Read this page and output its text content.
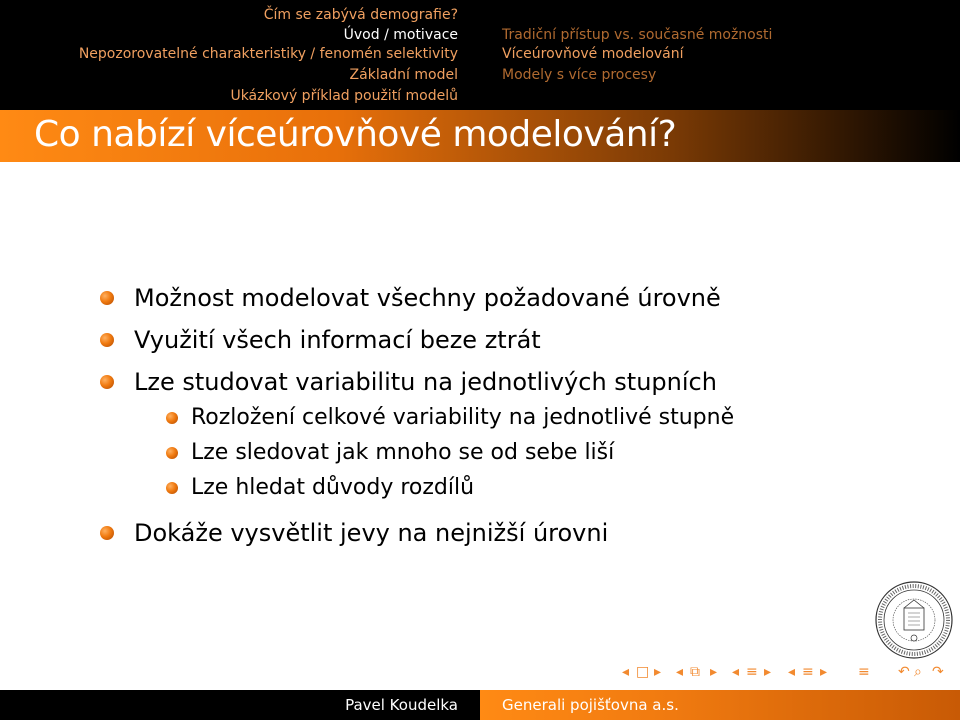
Čím se zabývá demografie?
Úvod / motivace
Nepozorovatelné charakteristiky / fenomén selektivity
Základní model
Ukázkový příklad použití modelů
Tradiční přístup vs. současné možnosti
Víceúrovňové modelování
Modely s více procesy
Co nabízí víceúrovňové modelování?
Možnost modelovat všechny požadované úrovně
Využití všech informací beze ztrát
Lze studovat variabilitu na jednotlivých stupních
Rozložení celkové variability na jednotlivé stupně
Lze sledovat jak mnoho se od sebe liší
Lze hledat důvody rozdílů
Dokáže vysvětlit jevy na nejnižší úrovni
◂ □ ▸ ◂ ⧉ ▸ ◂ ≡ ▸ ◂ ≡ ▸ ≡ ↶ ⌕ ↷
Pavel Koudelka	Generali pojišťovna a.s.
